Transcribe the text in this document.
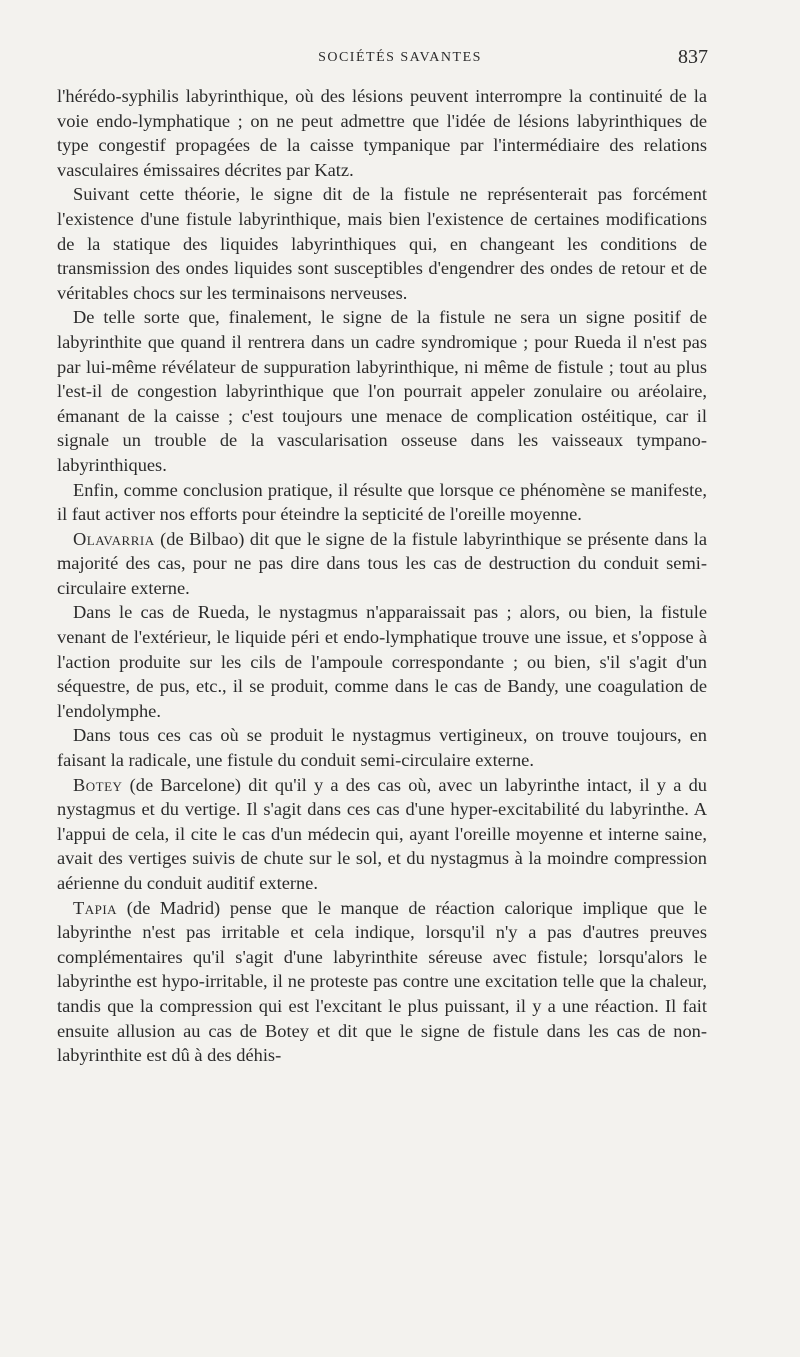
SOCIÉTÉS SAVANTES	837

l'hérédo-syphilis labyrinthique, où des lésions peuvent interrompre la continuité de la voie endo-lymphatique ; on ne peut admettre que l'idée de lésions labyrinthiques de type congestif propagées de la caisse tympanique par l'intermédiaire des relations vasculaires émissaires décrites par Katz.

Suivant cette théorie, le signe dit de la fistule ne représenterait pas forcément l'existence d'une fistule labyrinthique, mais bien l'existence de certaines modifications de la statique des liquides labyrinthiques qui, en changeant les conditions de transmission des ondes liquides sont susceptibles d'engendrer des ondes de retour et de véritables chocs sur les terminaisons nerveuses.

De telle sorte que, finalement, le signe de la fistule ne sera un signe positif de labyrinthite que quand il rentrera dans un cadre syndromique ; pour Rueda il n'est pas par lui-même révélateur de suppuration labyrinthique, ni même de fistule ; tout au plus l'est-il de congestion labyrinthique que l'on pourrait appeler zonulaire ou aréolaire, émanant de la caisse ; c'est toujours une menace de complication ostéitique, car il signale un trouble de la vascularisation osseuse dans les vaisseaux tympano-labyrinthiques.

Enfin, comme conclusion pratique, il résulte que lorsque ce phénomène se manifeste, il faut activer nos efforts pour éteindre la septicité de l'oreille moyenne.

Olavarria (de Bilbao) dit que le signe de la fistule labyrinthique se présente dans la majorité des cas, pour ne pas dire dans tous les cas de destruction du conduit semi-circulaire externe.

Dans le cas de Rueda, le nystagmus n'apparaissait pas ; alors, ou bien, la fistule venant de l'extérieur, le liquide péri et endo-lymphatique trouve une issue, et s'oppose à l'action produite sur les cils de l'ampoule correspondante ; ou bien, s'il s'agit d'un séquestre, de pus, etc., il se produit, comme dans le cas de Bandy, une coagulation de l'endolymphe.

Dans tous ces cas où se produit le nystagmus vertigineux, on trouve toujours, en faisant la radicale, une fistule du conduit semi-circulaire externe.

Botey (de Barcelone) dit qu'il y a des cas où, avec un labyrinthe intact, il y a du nystagmus et du vertige. Il s'agit dans ces cas d'une hyper-excitabilité du labyrinthe. A l'appui de cela, il cite le cas d'un médecin qui, ayant l'oreille moyenne et interne saine, avait des vertiges suivis de chute sur le sol, et du nystagmus à la moindre compression aérienne du conduit auditif externe.

Tapia (de Madrid) pense que le manque de réaction calorique implique que le labyrinthe n'est pas irritable et cela indique, lorsqu'il n'y a pas d'autres preuves complémentaires qu'il s'agit d'une labyrinthite séreuse avec fistule; lorsqu'alors le labyrinthe est hypo-irritable, il ne proteste pas contre une excitation telle que la chaleur, tandis que la compression qui est l'excitant le plus puissant, il y a une réaction. Il fait ensuite allusion au cas de Botey et dit que le signe de fistule dans les cas de non-labyrinthite est dû à des déhis-
